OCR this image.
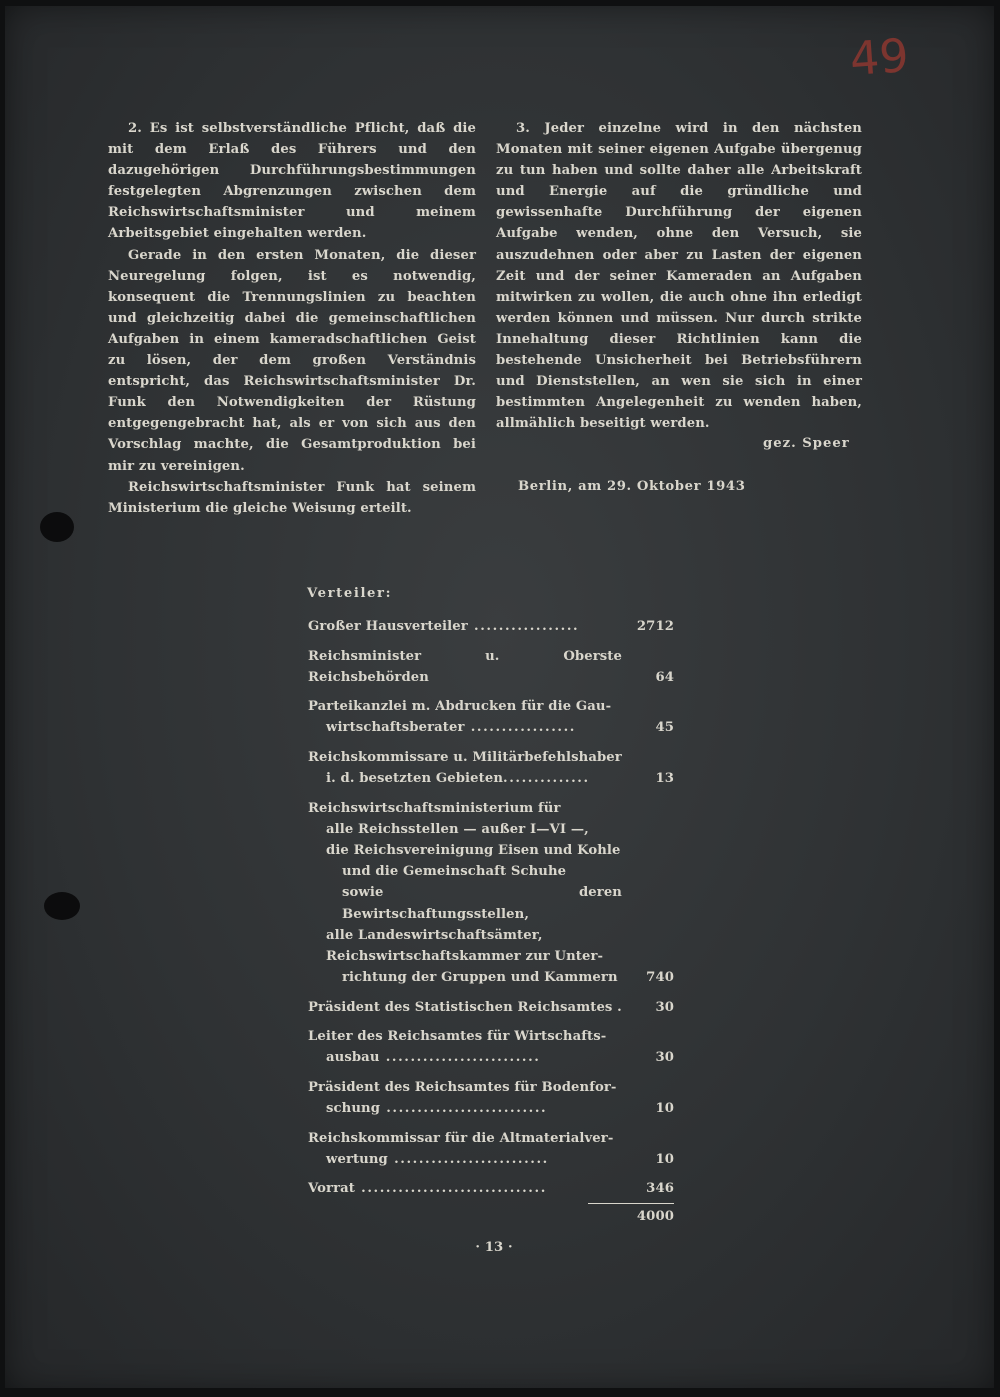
49

2. Es ist selbstverständliche Pflicht, daß die mit dem Erlaß des Führers und den dazugehörigen Durchführungsbestimmungen festgelegten Abgrenzungen zwischen dem Reichswirtschaftsminister und meinem Arbeitsgebiet eingehalten werden.

Gerade in den ersten Monaten, die dieser Neuregelung folgen, ist es notwendig, konsequent die Trennungslinien zu beachten und gleichzeitig dabei die gemeinschaftlichen Aufgaben in einem kameradschaftlichen Geist zu lösen, der dem großen Verständnis entspricht, das Reichswirtschaftsminister Dr. Funk den Notwendigkeiten der Rüstung entgegengebracht hat, als er von sich aus den Vorschlag machte, die Gesamtproduktion bei mir zu vereinigen.

Reichswirtschaftsminister Funk hat seinem Ministerium die gleiche Weisung erteilt.

3. Jeder einzelne wird in den nächsten Monaten mit seiner eigenen Aufgabe übergenug zu tun haben und sollte daher alle Arbeitskraft und Energie auf die gründliche und gewissenhafte Durchführung der eigenen Aufgabe wenden, ohne den Versuch, sie auszudehnen oder aber zu Lasten der eigenen Zeit und der seiner Kameraden an Aufgaben mitwirken zu wollen, die auch ohne ihn erledigt werden können und müssen. Nur durch strikte Innehaltung dieser Richtlinien kann die bestehende Unsicherheit bei Betriebsführern und Dienststellen, an wen sie sich in einer bestimmten Angelegenheit zu wenden haben, allmählich beseitigt werden.

gez. Speer
Berlin, am 29. Oktober 1943
Verteiler:
Großer Hausverteiler .................	2712
Reichsminister u. Oberste Reichsbehörden	64
Parteikanzlei m. Abdrucken für die Gau-
wirtschaftsberater .................	45
Reichskommissare u. Militärbefehlshaber
i. d. besetzten Gebieten..............	13
Reichswirtschaftsministerium für
alle Reichsstellen — außer I—VI —,
die Reichsvereinigung Eisen und Kohle
und die Gemeinschaft Schuhe
sowie deren Bewirtschaftungsstellen,
alle Landeswirtschaftsämter,
Reichswirtschaftskammer zur Unter-
richtung der Gruppen und Kammern	740
Präsident des Statistischen Reichsamtes .	30
Leiter des Reichsamtes für Wirtschafts-
ausbau .........................	30
Präsident des Reichsamtes für Bodenfor-
schung ..........................	10
Reichskommissar für die Altmaterialver-
wertung .........................	10
Vorrat ..............................	346
4000
· 13 ·
